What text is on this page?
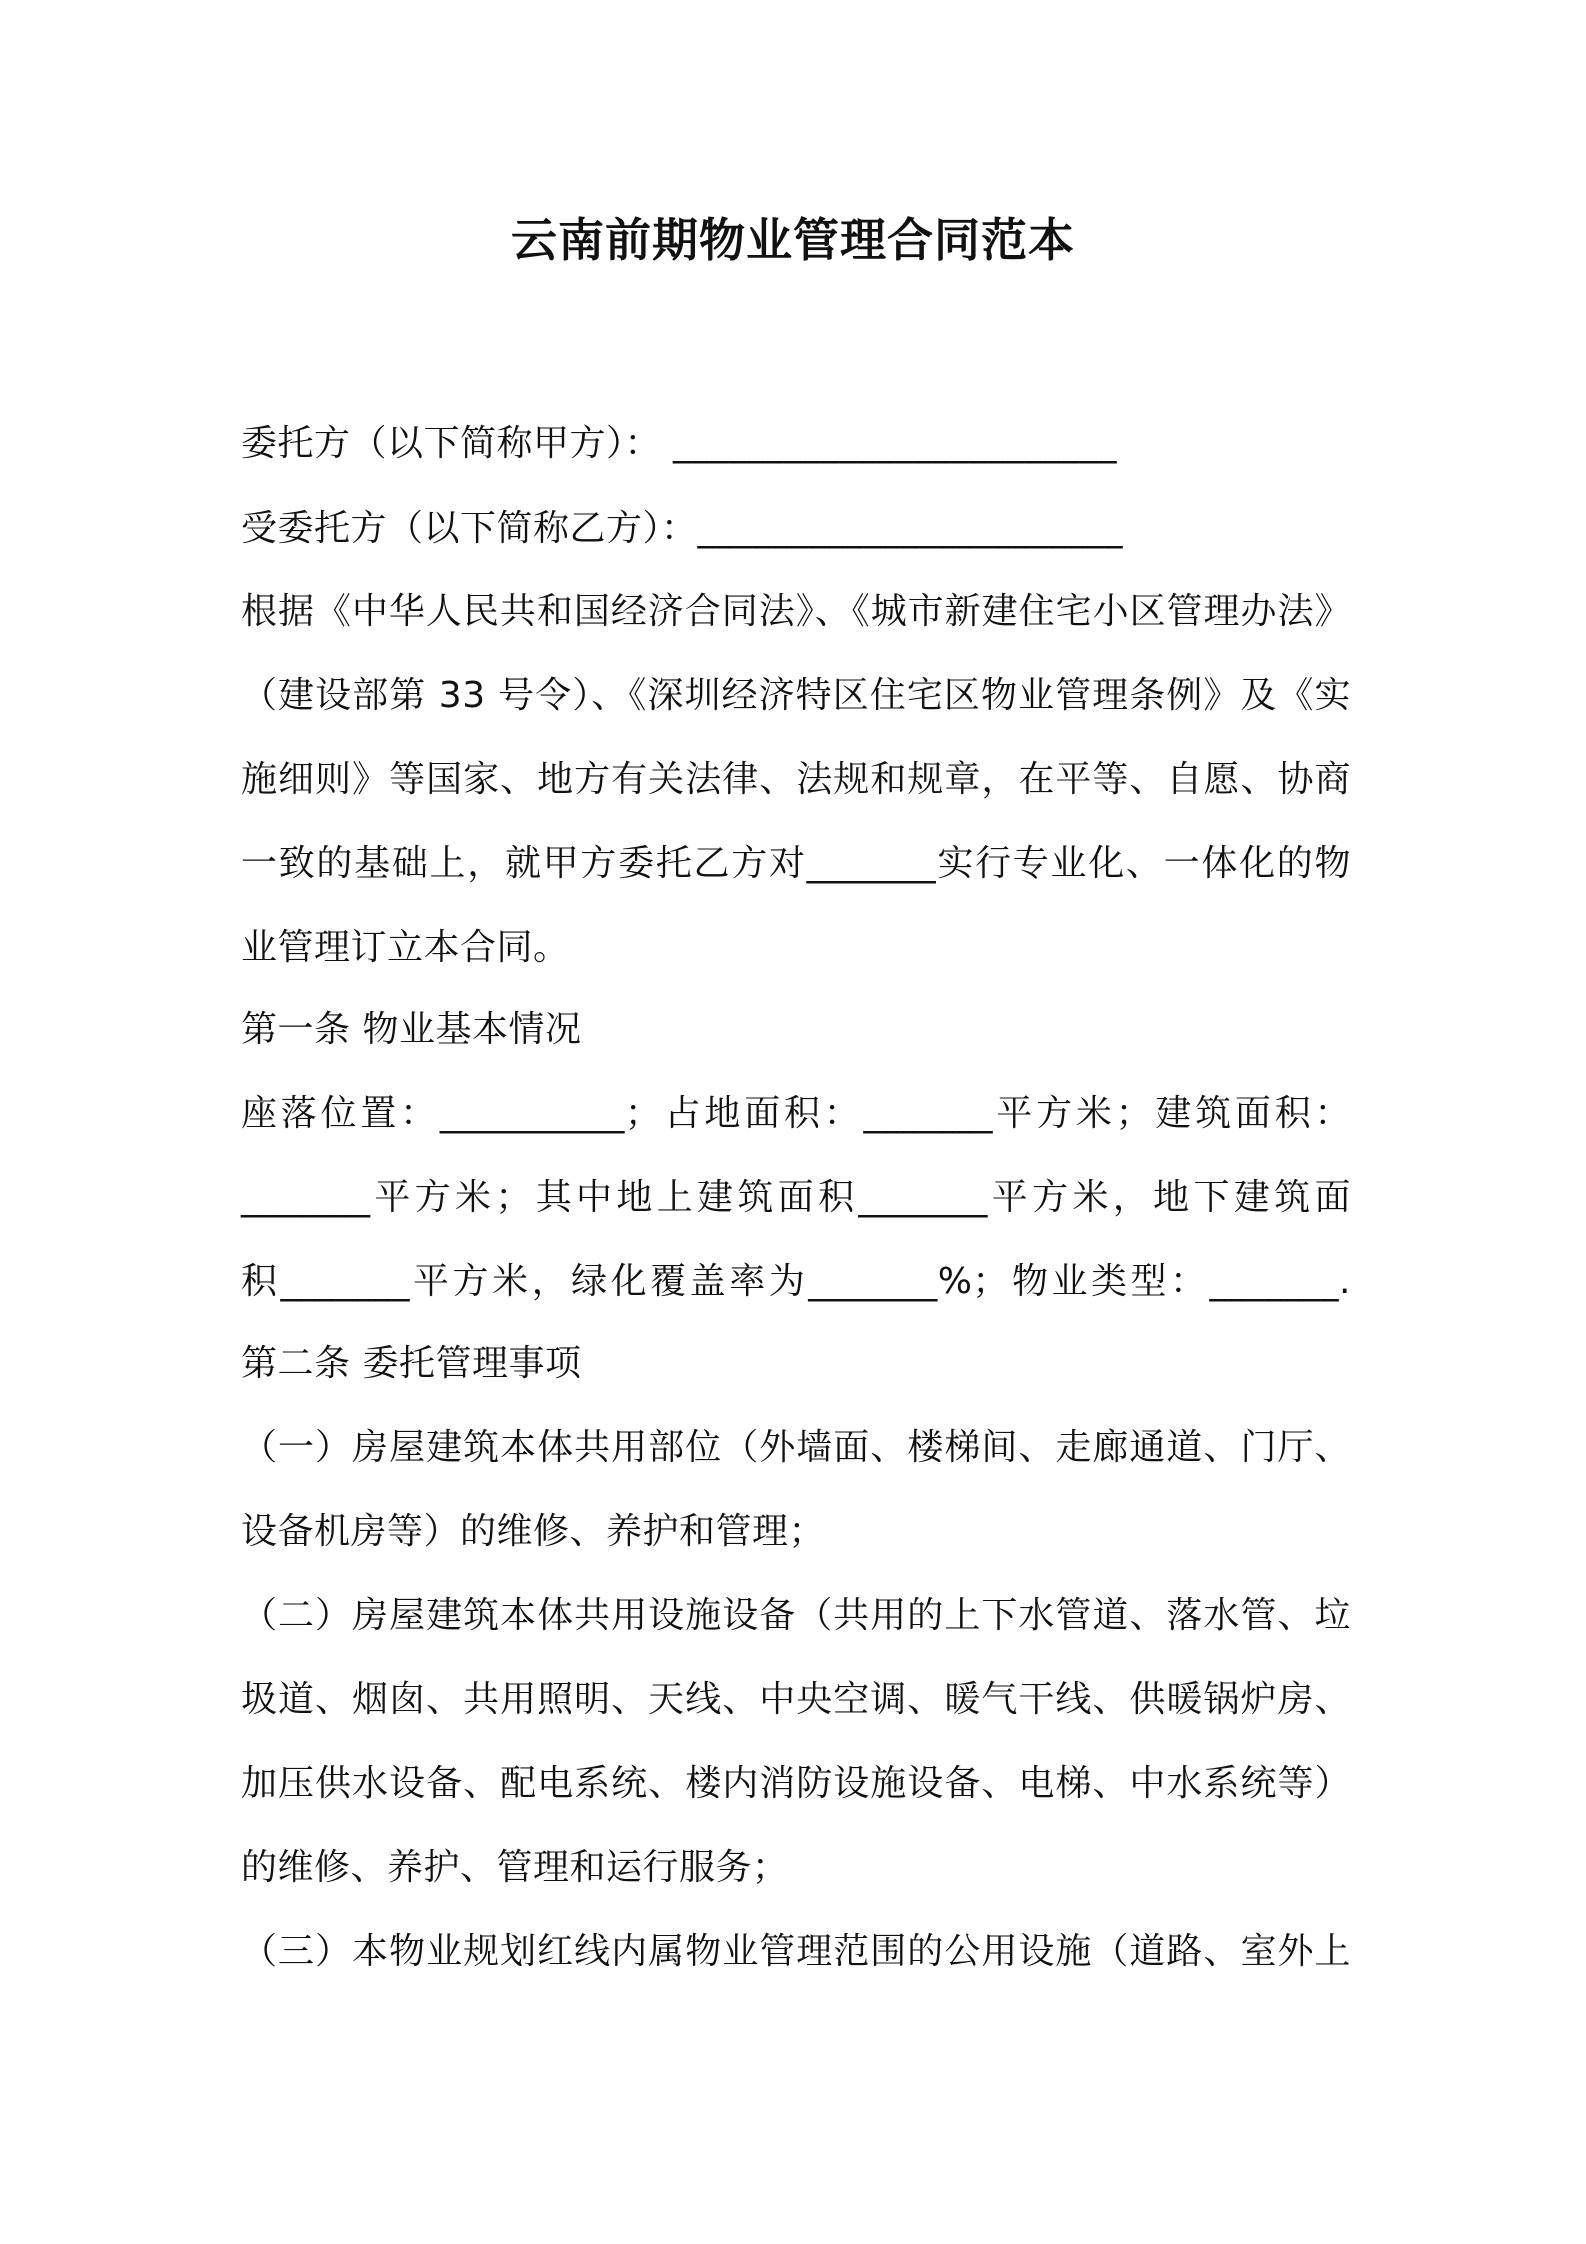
云南前期物业管理合同范本
委托方（以下简称甲方）： ________________________
受委托方（以下简称乙方）：_______________________
根据《中华人民共和国经济合同法》、《城市新建住宅小区管理办法》
（建设部第 33 号令）、《深圳经济特区住宅区物业管理条例》及《实
施细则》等国家、地方有关法律、法规和规章，在平等、自愿、协商
一致的基础上，就甲方委托乙方对_______实行专业化、一体化的物
业管理订立本合同。
第一条 物业基本情况
座落位置：__________；占地面积：_______平方米；建筑面积：
_______平方米；其中地上建筑面积_______平方米，地下建筑面
积_______平方米，绿化覆盖率为_______%；物业类型：_______.
第二条 委托管理事项
（一）房屋建筑本体共用部位（外墙面、楼梯间、走廊通道、门厅、
设备机房等）的维修、养护和管理；
（二）房屋建筑本体共用设施设备（共用的上下水管道、落水管、垃
圾道、烟囱、共用照明、天线、中央空调、暖气干线、供暖锅炉房、
加压供水设备、配电系统、楼内消防设施设备、电梯、中水系统等）
的维修、养护、管理和运行服务；
（三）本物业规划红线内属物业管理范围的公用设施（道路、室外上
